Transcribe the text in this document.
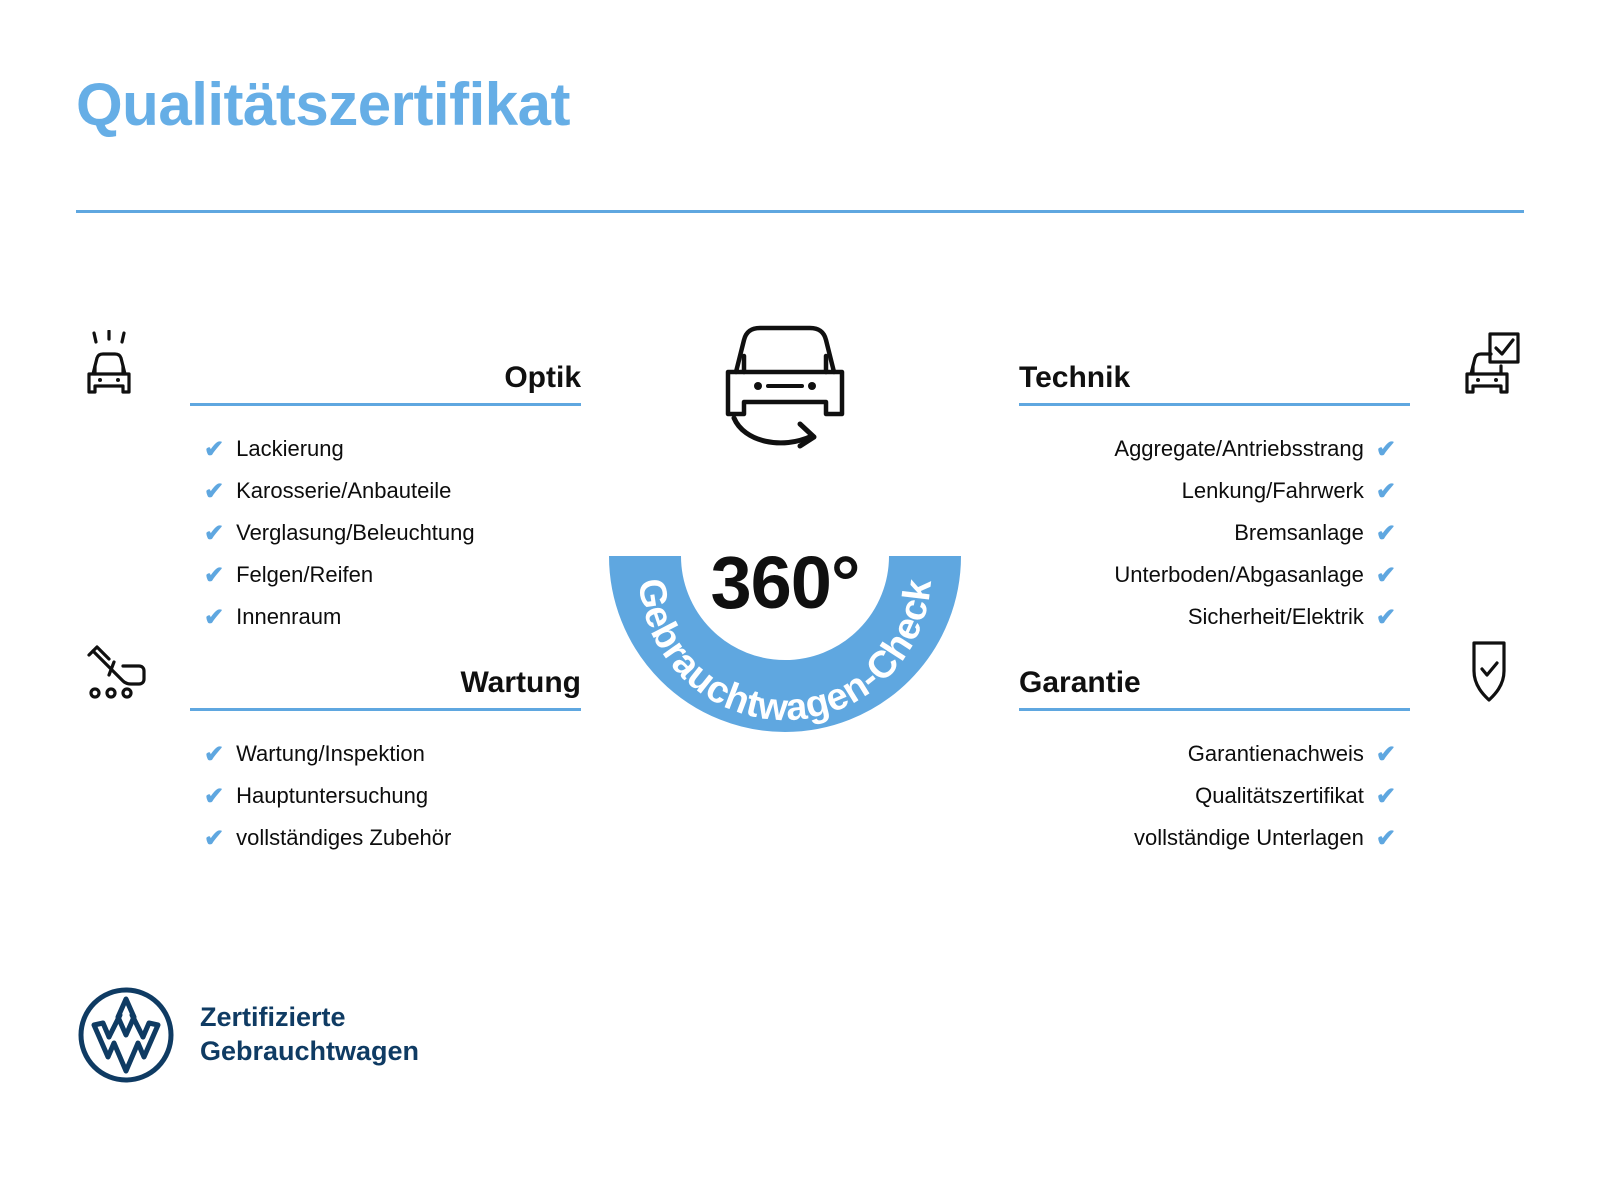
Qualitätszertifikat
Optik
✔ Lackierung
✔ Karosserie/Anbauteile
✔ Verglasung/Beleuchtung
✔ Felgen/Reifen
✔ Innenraum
Wartung
✔ Wartung/Inspektion
✔ Hauptuntersuchung
✔ vollständiges Zubehör
Technik
✔
Aggregate/Antriebsstrang
✔
Lenkung/Fahrwerk
✔
Bremsanlage
✔
Unterboden/Abgasanlage
✔
Sicherheit/Elektrik
Garantie
✔
Garantienachweis
✔
Qualitätszertifikat
✔
vollständige Unterlagen
Gebrauchtwagen-Check
360°
Zertifizierte
Gebrauchtwagen
